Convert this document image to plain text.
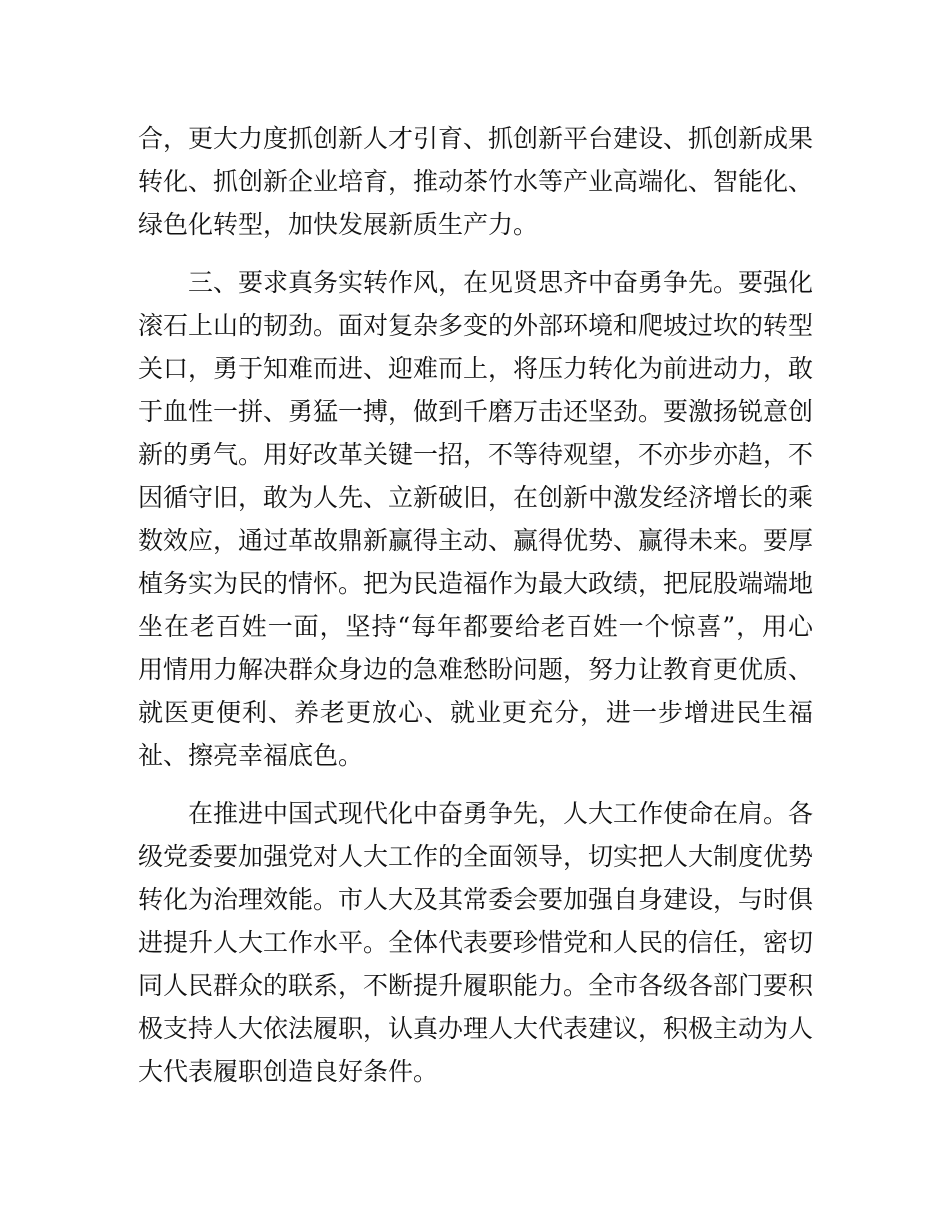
合，更大力度抓创新人才引育、抓创新平台建设、抓创新成果转化、抓创新企业培育，推动茶竹水等产业高端化、智能化、绿色化转型，加快发展新质生产力。

三、要求真务实转作风，在见贤思齐中奋勇争先。要强化滚石上山的韧劲。面对复杂多变的外部环境和爬坡过坎的转型关口，勇于知难而进、迎难而上，将压力转化为前进动力，敢于血性一拼、勇猛一搏，做到千磨万击还坚劲。要激扬锐意创新的勇气。用好改革关键一招，不等待观望，不亦步亦趋，不因循守旧，敢为人先、立新破旧，在创新中激发经济增长的乘数效应，通过革故鼎新赢得主动、赢得优势、赢得未来。要厚植务实为民的情怀。把为民造福作为最大政绩，把屁股端端地坐在老百姓一面，坚持“每年都要给老百姓一个惊喜”，用心用情用力解决群众身边的急难愁盼问题，努力让教育更优质、就医更便利、养老更放心、就业更充分，进一步增进民生福祉、擦亮幸福底色。

在推进中国式现代化中奋勇争先，人大工作使命在肩。各级党委要加强党对人大工作的全面领导，切实把人大制度优势转化为治理效能。市人大及其常委会要加强自身建设，与时俱进提升人大工作水平。全体代表要珍惜党和人民的信任，密切同人民群众的联系，不断提升履职能力。全市各级各部门要积极支持人大依法履职，认真办理人大代表建议，积极主动为人大代表履职创造良好条件。
